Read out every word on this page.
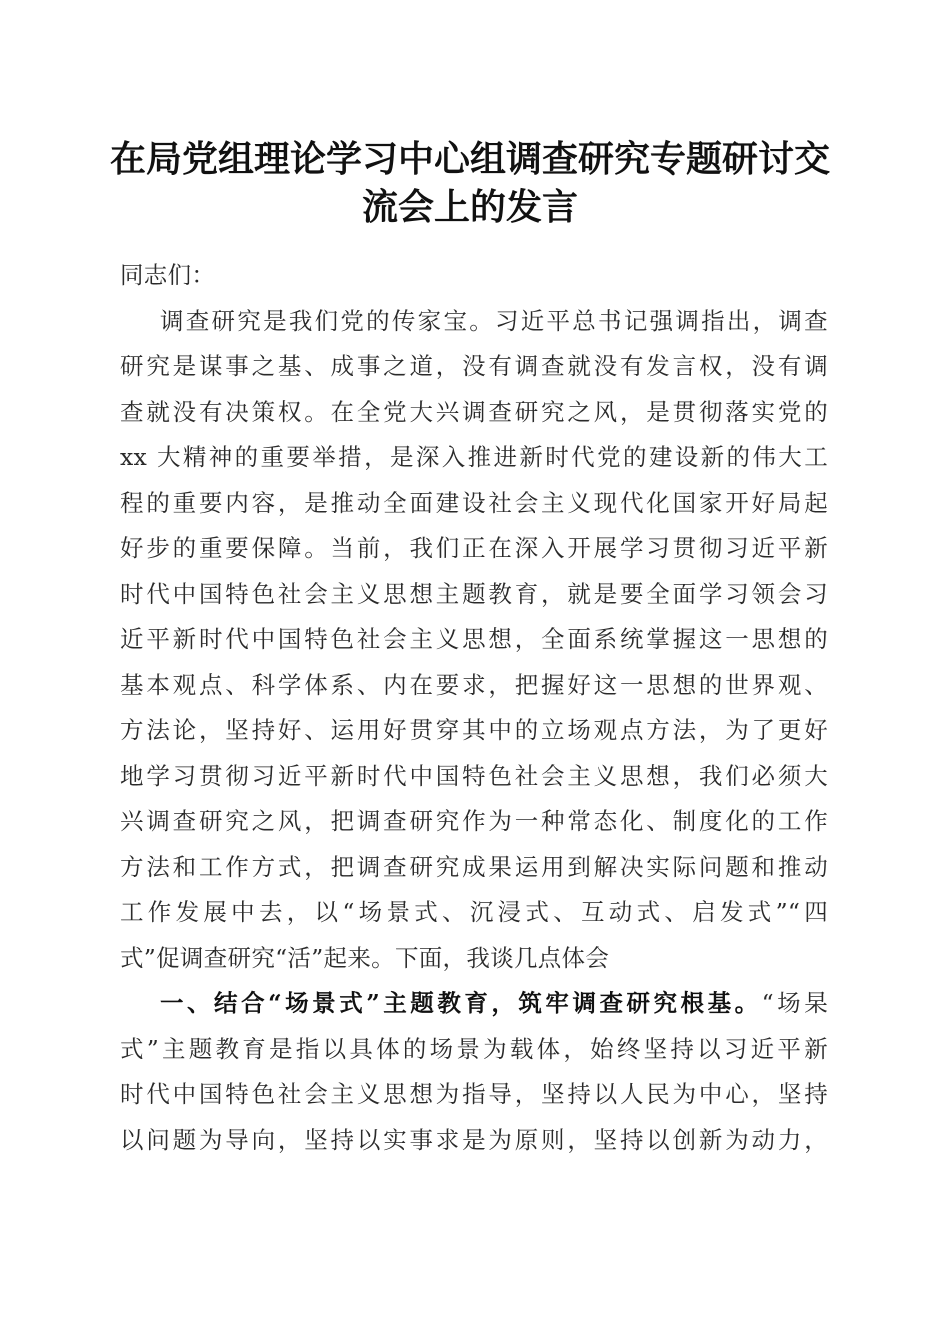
在局党组理论学习中心组调查研究专题研讨交
流会上的发言
同志们：
调查研究是我们党的传家宝。习近平总书记强调指出，调查
研究是谋事之基、成事之道，没有调查就没有发言权，没有调
查就没有决策权。在全党大兴调查研究之风，是贯彻落实党的
xx 大精神的重要举措，是深入推进新时代党的建设新的伟大工
程的重要内容，是推动全面建设社会主义现代化国家开好局起
好步的重要保障。当前，我们正在深入开展学习贯彻习近平新
时代中国特色社会主义思想主题教育，就是要全面学习领会习
近平新时代中国特色社会主义思想，全面系统掌握这一思想的
基本观点、科学体系、内在要求，把握好这一思想的世界观、
方法论，坚持好、运用好贯穿其中的立场观点方法，为了更好
地学习贯彻习近平新时代中国特色社会主义思想，我们必须大
兴调查研究之风，把调查研究作为一种常态化、制度化的工作
方法和工作方式，把调查研究成果运用到解决实际问题和推动
工作发展中去，以“场景式、沉浸式、互动式、启发式”“四
式”促调查研究“活”起来。下面，我谈几点体会
一、结合“场景式”主题教育，筑牢调查研究根基。“场杲
式”主题教育是指以具体的场景为载体，始终坚持以习近平新
时代中国特色社会主义思想为指导，坚持以人民为中心，坚持
以问题为导向，坚持以实事求是为原则，坚持以创新为动力，
